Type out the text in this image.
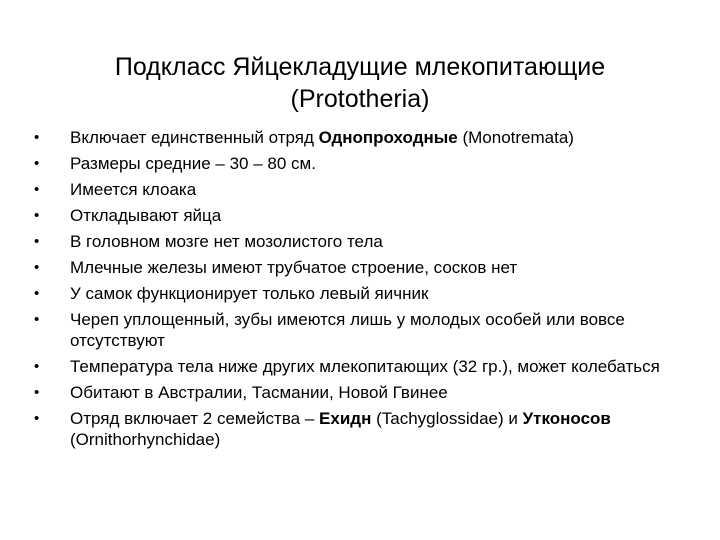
Подкласс Яйцекладущие млекопитающие
(Prototheria)
•	Включает единственный отряд Однопроходные (Monotremata)
•	Размеры средние – 30 – 80 см.
•	Имеется клоака
•	Откладывают яйца
•	В головном мозге нет мозолистого тела
•	Млечные железы имеют трубчатое строение, сосков нет
•	У самок функционирует только левый яичник
•	Череп уплощенный, зубы имеются лишь у молодых особей или вовсе отсутствуют
•	Температура тела ниже других млекопитающих (32 гр.), может колебаться
•	Обитают в Австралии, Тасмании, Новой Гвинее
•	Отряд включает 2 семейства – Ехидн (Tachyglossidae) и Утконосов (Ornithorhynchidae)
